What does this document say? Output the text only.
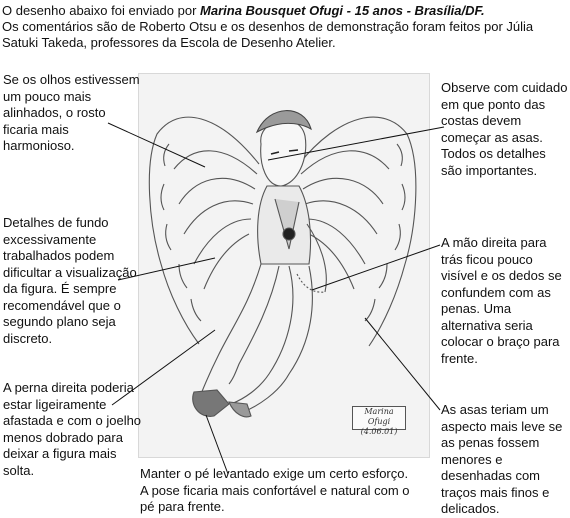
O desenho abaixo foi enviado por Marina Bousquet Ofugi - 15 anos - Brasília/DF.
Os comentários são de Roberto Otsu e os desenhos de demonstração foram feitos por Júlia Satuki Takeda, professores da Escola de Desenho Atelier.
Marina Ofugi
(4.06.01)
Se os olhos estivessem um pouco mais alinhados, o rosto ficaria mais harmonioso.
Detalhes de fundo excessivamente trabalhados podem dificultar a visualização da figura. É sempre recomendável que o segundo plano seja discreto.
A perna direita poderia estar ligeiramente afastada e com o joelho menos dobrado para deixar a figura mais solta.
Observe com cuidado em que ponto das costas devem começar as asas. Todos os detalhes são importantes.
A mão direita para trás ficou pouco visível e os dedos se confundem com as penas. Uma alternativa seria colocar o braço para frente.
As asas teriam um aspecto mais leve se as penas fossem menores e desenhadas com traços mais finos e delicados.
Manter o pé levantado exige um certo esforço. A pose ficaria mais confortável e natural com o pé para frente.
